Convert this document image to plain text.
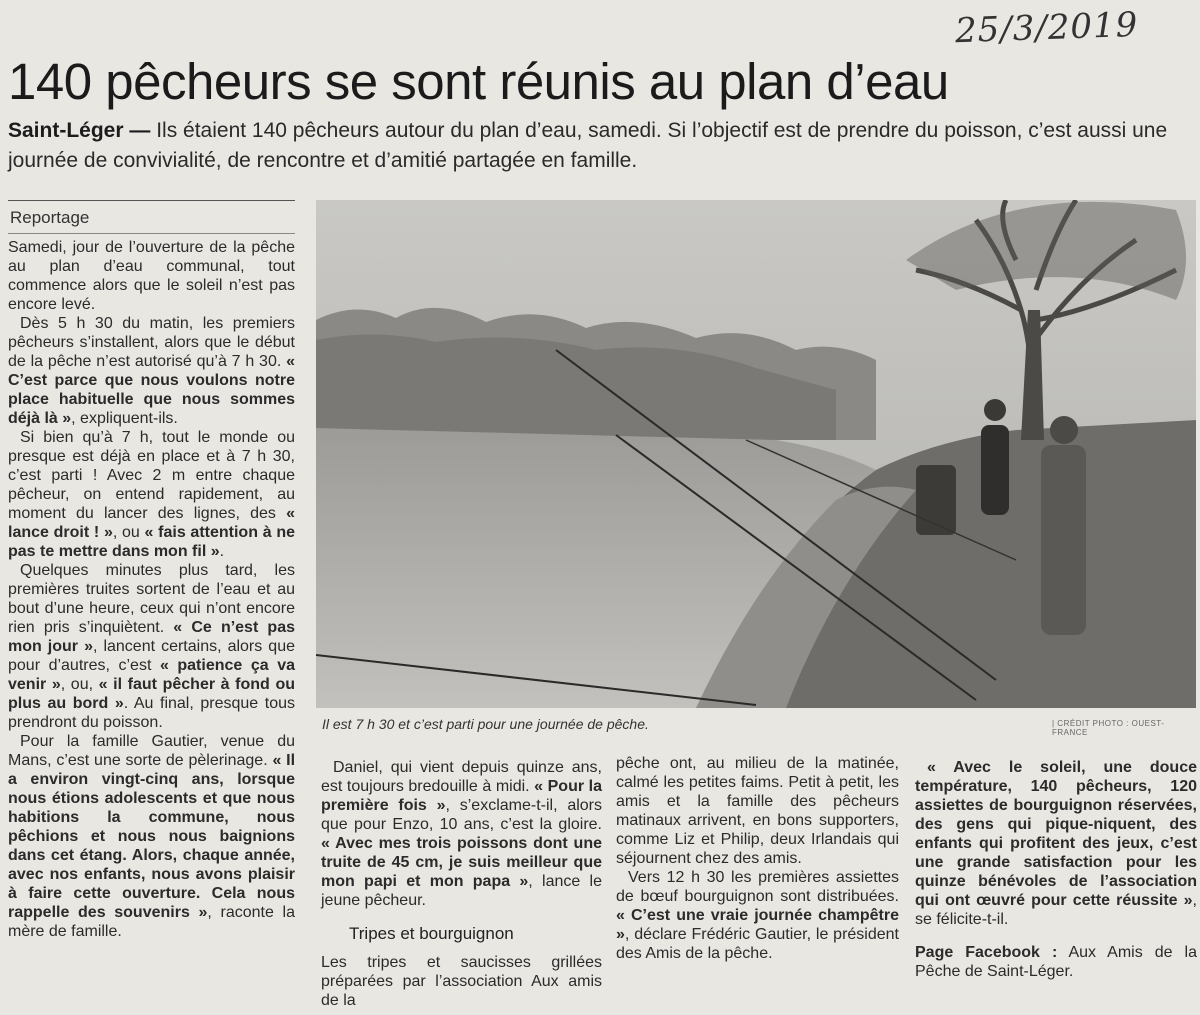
25/3/2019
140 pêcheurs se sont réunis au plan d’eau
Saint-Léger — Ils étaient 140 pêcheurs autour du plan d’eau, samedi. Si l’objectif est de prendre du poisson, c’est aussi une journée de convivialité, de rencontre et d’amitié partagée en famille.
Reportage

Samedi, jour de l’ouverture de la pêche au plan d’eau communal, tout commence alors que le soleil n’est pas encore levé.

Dès 5 h 30 du matin, les premiers pêcheurs s’installent, alors que le début de la pêche n’est autorisé qu’à 7 h 30. « C’est parce que nous voulons notre place habituelle que nous sommes déjà là », expliquent-ils.

Si bien qu’à 7 h, tout le monde ou presque est déjà en place et à 7 h 30, c’est parti ! Avec 2 m entre chaque pêcheur, on entend rapidement, au moment du lancer des lignes, des « lance droit ! », ou « fais attention à ne pas te mettre dans mon fil ».

Quelques minutes plus tard, les premières truites sortent de l’eau et au bout d’une heure, ceux qui n’ont encore rien pris s’inquiètent. « Ce n’est pas mon jour », lancent certains, alors que pour d’autres, c’est « patience ça va venir », ou, « il faut pêcher à fond ou plus au bord ». Au final, presque tous prendront du poisson.

Pour la famille Gautier, venue du Mans, c’est une sorte de pèlerinage. « Il a environ vingt-cinq ans, lorsque nous étions adolescents et que nous habitions la commune, nous pêchions et nous nous baignions dans cet étang. Alors, chaque année, avec nos enfants, nous avons plaisir à faire cette ouverture. Cela nous rappelle des souvenirs », raconte la mère de famille.

Il est 7 h 30 et c’est parti pour une journée de pêche.	| CRÉDIT PHOTO : OUEST-FRANCE

Daniel, qui vient depuis quinze ans, est toujours bredouille à midi. « Pour la première fois », s’exclame-t-il, alors que pour Enzo, 10 ans, c’est la gloire. « Avec mes trois poissons dont une truite de 45 cm, je suis meilleur que mon papi et mon papa », lance le jeune pêcheur.

Tripes et bourguignon

Les tripes et saucisses grillées préparées par l’association Aux amis de la

pêche ont, au milieu de la matinée, calmé les petites faims. Petit à petit, les amis et la famille des pêcheurs matinaux arrivent, en bons supporters, comme Liz et Philip, deux Irlandais qui séjournent chez des amis.

Vers 12 h 30 les premières assiettes de bœuf bourguignon sont distribuées. « C’est une vraie journée champêtre », déclare Frédéric Gautier, le président des Amis de la pêche.

« Avec le soleil, une douce température, 140 pêcheurs, 120 assiettes de bourguignon réservées, des gens qui pique-niquent, des enfants qui profitent des jeux, c’est une grande satisfaction pour les quinze bénévoles de l’association qui ont œuvré pour cette réussite », se félicite-t-il.

Page Facebook : Aux Amis de la Pêche de Saint-Léger.
